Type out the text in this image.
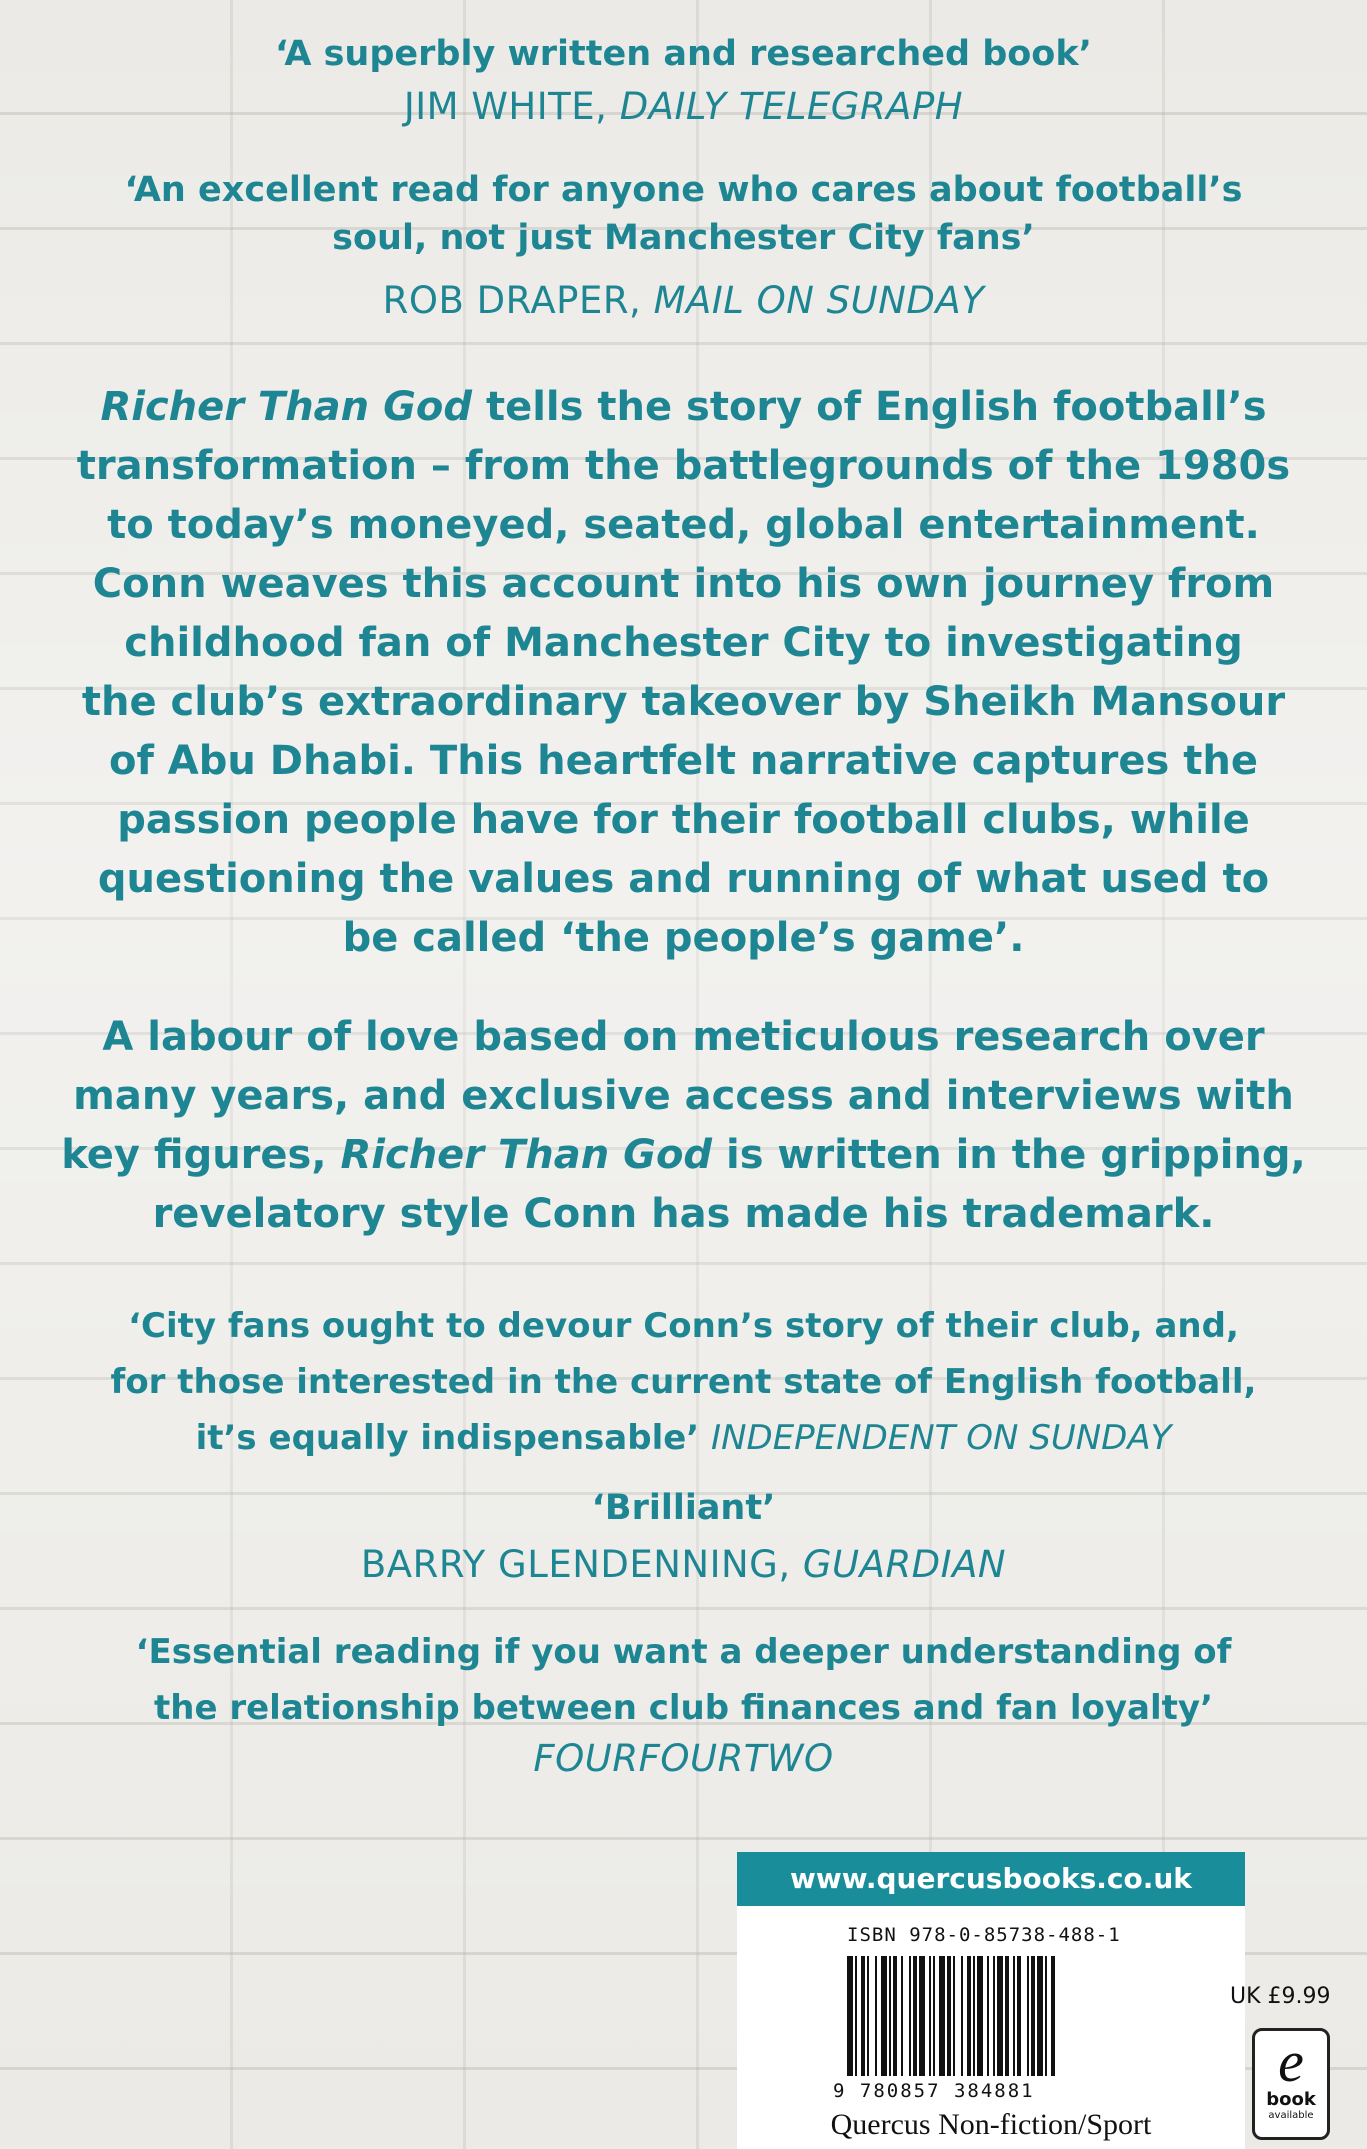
‘A superbly written and researched book’
JIM WHITE, DAILY TELEGRAPH
‘An excellent read for anyone who cares about football’s
soul, not just Manchester City fans’
ROB DRAPER, MAIL ON SUNDAY
Richer Than God tells the story of English football’s
transformation – from the battlegrounds of the 1980s
to today’s moneyed, seated, global entertainment.
Conn weaves this account into his own journey from
childhood fan of Manchester City to investigating
the club’s extraordinary takeover by Sheikh Mansour
of Abu Dhabi. This heartfelt narrative captures the
passion people have for their football clubs, while
questioning the values and running of what used to
be called ‘the people’s game’.
A labour of love based on meticulous research over
many years, and exclusive access and interviews with
key figures, Richer Than God is written in the gripping,
revelatory style Conn has made his trademark.
‘City fans ought to devour Conn’s story of their club, and,
for those interested in the current state of English football,
it’s equally indispensable’ INDEPENDENT ON SUNDAY
‘Brilliant’
BARRY GLENDENNING, GUARDIAN
‘Essential reading if you want a deeper understanding of
the relationship between club finances and fan loyalty’
FOURFOURTWO
www.quercusbooks.co.uk
ISBN 978-0-85738-488-1
9 780857 384881
Quercus Non-fiction/Sport
UK £9.99
e
book
available
